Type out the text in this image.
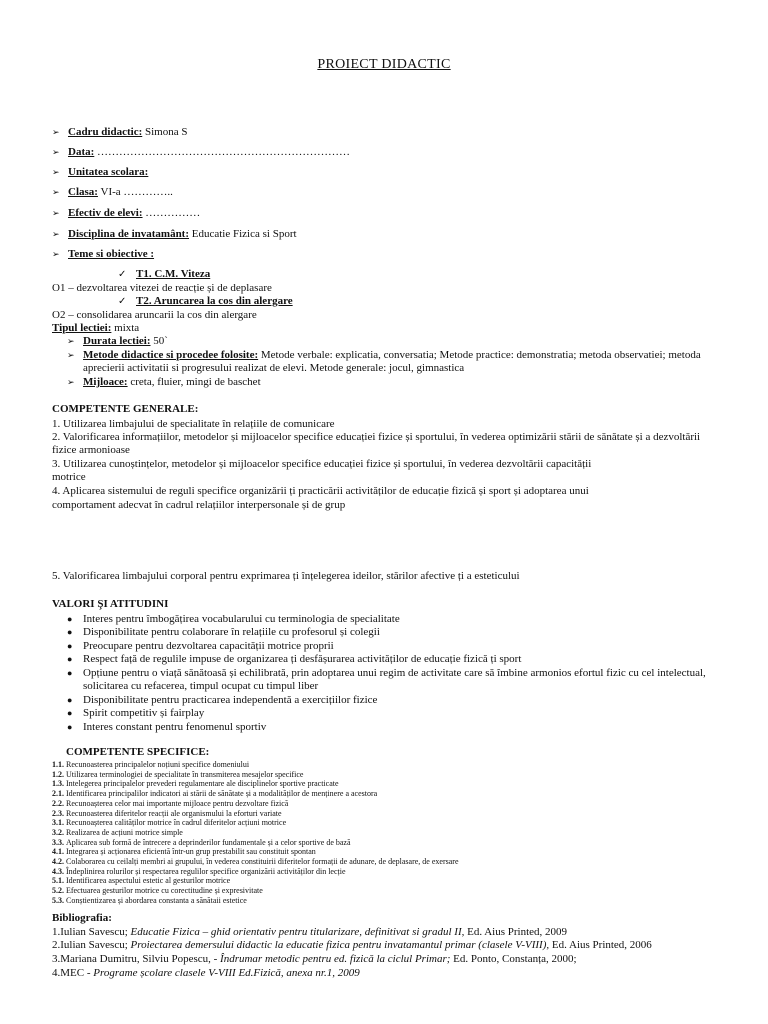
PROIECT DIDACTIC
➢ Cadru didactic: Simona S
➢ Data: ……………………………………………………………
➢ Unitatea scolara:
➢ Clasa: VI-a …………..
➢ Efectiv de elevi: ……………
➢ Disciplina de invatamânt: Educatie Fizica si Sport
➢ Teme si obiective :
✓ T1. C.M. Viteza
O1 – dezvoltarea vitezei de reacție și de deplasare
✓ T2. Aruncarea la cos din alergare
O2 – consolidarea aruncarii la cos din alergare
Tipul lectiei: mixta
➢ Durata lectiei: 50`
➢ Metode didactice si procedee folosite: Metode verbale: explicatia, conversatia; Metode practice: demonstratia; metoda observatiei; metoda
aprecierii activitatii si progresului realizat de elevi. Metode generale: jocul, gimnastica
➢ Mijloace: creta, fluier, mingi de baschet
COMPETENTE GENERALE:
1. Utilizarea limbajului de specialitate în relațiile de comunicare
2. Valorificarea informațiilor, metodelor și mijloacelor specifice educației fizice și sportului, în vederea optimizării stării de sănătate și a dezvoltării
fizice armonioase
3. Utilizarea cunoștințelor, metodelor și mijloacelor specifice educației fizice și sportului, în vederea dezvoltării capacității
motrice
4. Aplicarea sistemului de reguli specifice organizării ți practicării activităților de educație fizică și sport și adoptarea unui
comportament adecvat în cadrul relațiilor interpersonale și de grup
5. Valorificarea limbajului corporal pentru exprimarea ți înțelegerea ideilor, stărilor afective ți a esteticului
VALORI ŞI ATITUDINI
● Interes pentru îmbogățirea vocabularului cu terminologia de specialitate
● Disponibilitate pentru colaborare în relațiile cu profesorul și colegii
● Preocupare pentru dezvoltarea capacității motrice proprii
● Respect față de regulile impuse de organizarea ți desfășurarea activităților de educație fizică ți sport
● Opțiune pentru o viață sănătoasă și echilibrată, prin adoptarea unui regim de activitate care să îmbine armonios efortul fizic cu cel intelectual,
solicitarea cu refacerea, timpul ocupat cu timpul liber
● Disponibilitate pentru practicarea independentă a exercițiilor fizice
● Spirit competitiv și fairplay
● Interes constant pentru fenomenul sportiv
COMPETENTE SPECIFICE:
1.1. Recunoasterea principalelor noțiuni specifice domeniului
1.2. Utilizarea terminologiei de specialitate în transmiterea mesajelor specifice
1.3. Intelegerea principalelor prevederi regulamentare ale disciplinelor sportive practicate
2.1. Identificarea principalilor indicatori ai stării de sănătate și a modalităților de menținere a acestora
2.2. Recunoașterea celor mai importante mijloace pentru dezvoltare fizică
2.3. Recunoasterea diferitelor reacții ale organismului la eforturi variate
3.1. Recunoașterea calităților motrice în cadrul diferitelor acțiuni motrice
3.2. Realizarea de acțiuni motrice simple
3.3. Aplicarea sub formă de întrecere a deprinderilor fundamentale și a celor sportive de bază
4.1. Integrarea și acționarea eficientă într-un grup prestabilit sau constituit spontan
4.2. Colaborarea cu ceilalți membri ai grupului, în vederea constituirii diferitelor formații de adunare, de deplasare, de exersare
4.3. Îndeplinirea rolurilor și respectarea regulilor specifice organizării activităților din lecție
5.1. Identificarea aspectului estetic al gesturilor motrice
5.2. Efectuarea gesturilor motrice cu corectitudine și expresivitate
5.3. Conștientizarea și abordarea constanta a sănătaii estetice
Bibliografia:
1.Iulian Savescu; Educatie Fizica – ghid orientativ pentru titularizare, definitivat si gradul II, Ed. Aius Printed, 2009
2.Iulian Savescu; Proiectarea demersului didactic la educatie fizica pentru invatamantul primar (clasele V-VIII), Ed. Aius Printed, 2006
3.Mariana Dumitru, Silviu Popescu, - Îndrumar metodic pentru ed. fizică la ciclul Primar; Ed. Ponto, Constanța, 2000;
4.MEC - Programe școlare clasele V-VIII Ed.Fizică, anexa nr.1, 2009
